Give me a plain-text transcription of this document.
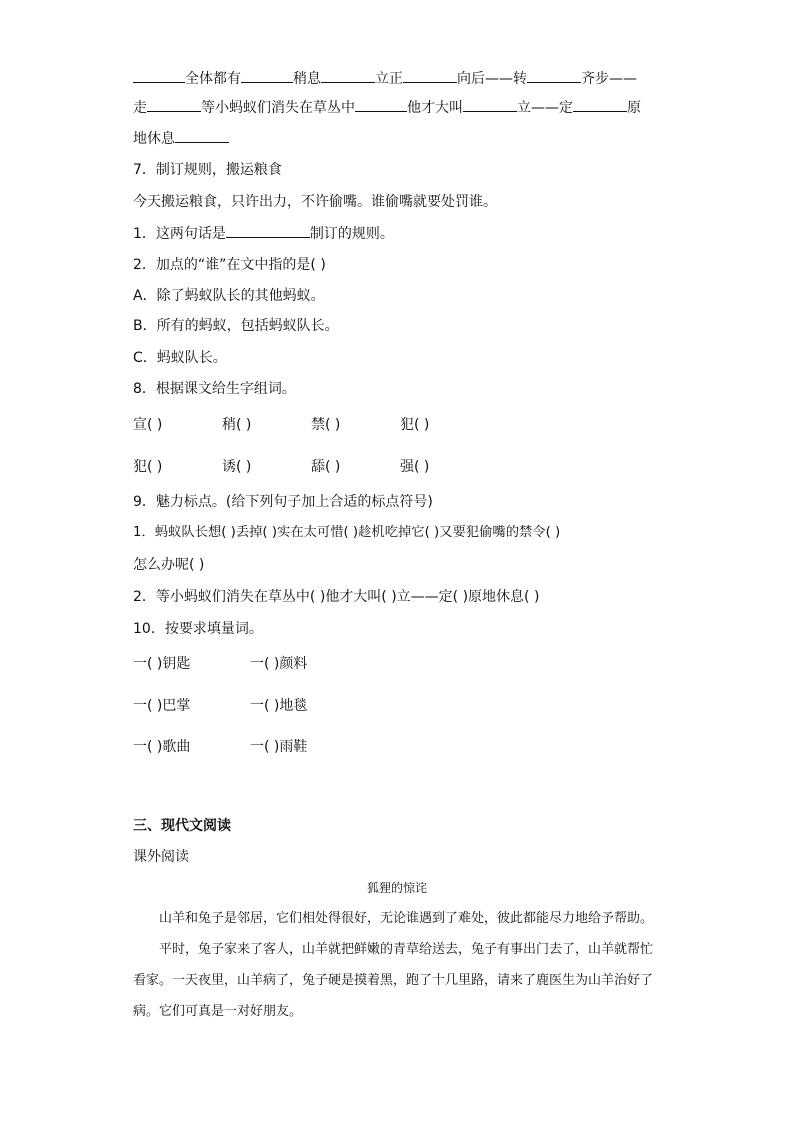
全体都有	稍息	立正	向后——转	齐步——
走	等小蚂蚁们消失在草丛中	他才大叫	立——定	原
地休息
7．制订规则，搬运粮食
今天搬运粮食，只许出力，不许偷嘴。谁偷嘴就要处罚谁。
1．这两句话是	制订的规则。
2．加点的“谁”在文中指的是( )
A．除了蚂蚁队长的其他蚂蚁。
B．所有的蚂蚁，包括蚂蚁队长。
C．蚂蚁队长。
8．根据课文给生字组词。
宣( )	稍( )	禁( )	犯( )
犯( )	诱( )	舔( )	强( )
9．魅力标点。(给下列句子加上合适的标点符号)
1．蚂蚁队长想( )丢掉( )实在太可惜( )趁机吃掉它( )又要犯偷嘴的禁令( )
怎么办呢( )
2．等小蚂蚁们消失在草丛中( )他才大叫( )立——定( )原地休息( )
10．按要求填量词。
一( )钥匙	一( )颜料
一( )巴掌	一( )地毯
一( )歌曲	一( )雨鞋
三、现代文阅读
课外阅读
狐狸的惊诧

山羊和兔子是邻居，它们相处得很好，无论谁遇到了难处，彼此都能尽力地给予帮助。

平时，兔子家来了客人，山羊就把鲜嫩的青草给送去，兔子有事出门去了，山羊就帮忙看家。一天夜里，山羊病了，兔子硬是摸着黑，跑了十几里路，请来了鹿医生为山羊治好了病。它们可真是一对好朋友。
